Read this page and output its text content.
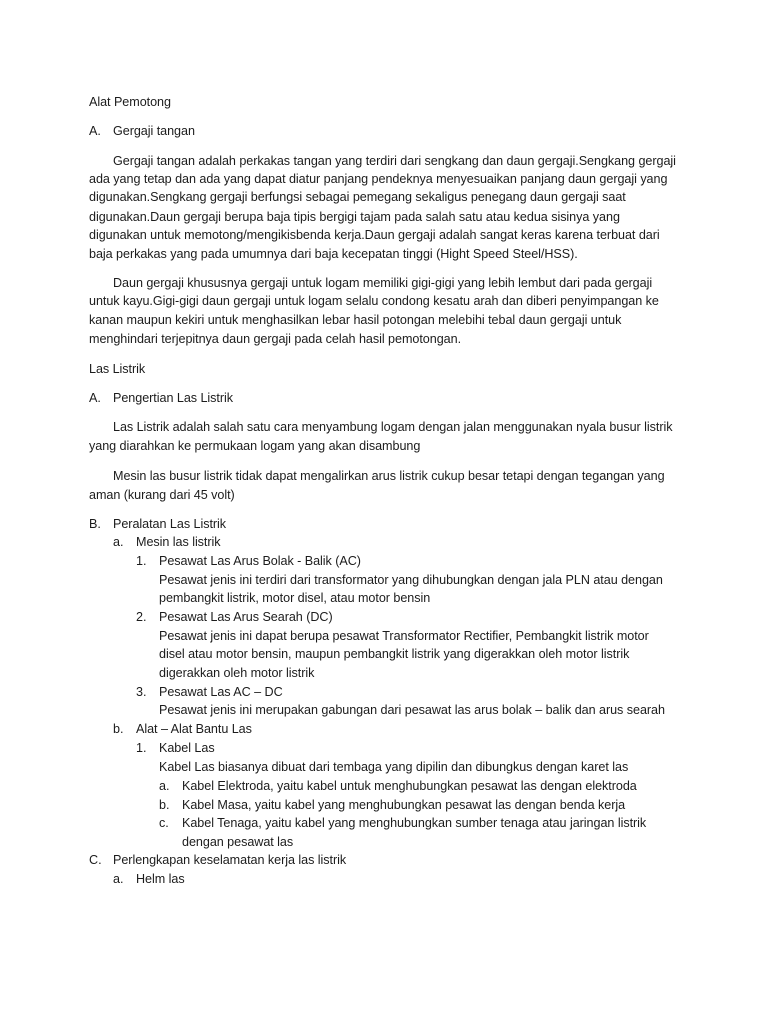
Alat Pemotong
A. Gergaji tangan
Gergaji tangan adalah perkakas tangan yang terdiri dari sengkang dan daun gergaji.Sengkang gergaji
ada yang tetap dan ada yang dapat diatur panjang pendeknya menyesuaikan panjang daun gergaji yang
digunakan.Sengkang gergaji berfungsi sebagai pemegang sekaligus penegang daun gergaji saat
digunakan.Daun gergaji berupa baja tipis bergigi tajam pada salah satu atau kedua sisinya yang
digunakan untuk memotong/mengikisbenda kerja.Daun gergaji adalah sangat keras karena terbuat dari
baja perkakas yang pada umumnya dari baja kecepatan tinggi (Hight Speed Steel/HSS).
Daun gergaji khususnya gergaji untuk logam memiliki gigi-gigi yang lebih lembut dari pada gergaji
untuk kayu.Gigi-gigi daun gergaji untuk logam selalu condong kesatu arah dan diberi penyimpangan ke
kanan maupun kekiri untuk menghasilkan lebar hasil potongan melebihi tebal daun gergaji untuk
menghindari terjepitnya daun gergaji pada celah hasil pemotongan.
Las Listrik
A. Pengertian Las Listrik
Las Listrik adalah salah satu cara menyambung logam dengan jalan menggunakan nyala busur listrik
yang diarahkan ke permukaan logam yang akan disambung
Mesin las busur listrik tidak dapat mengalirkan arus listrik cukup besar tetapi dengan tegangan yang
aman (kurang dari 45 volt)
B. Peralatan Las Listrik
a. Mesin las listrik
1. Pesawat Las Arus Bolak - Balik (AC)
Pesawat jenis ini terdiri dari transformator yang dihubungkan dengan jala PLN atau dengan
pembangkit listrik, motor disel, atau motor bensin
2. Pesawat Las Arus Searah (DC)
Pesawat jenis ini dapat berupa pesawat Transformator Rectifier, Pembangkit listrik motor
disel atau motor bensin, maupun pembangkit listrik yang digerakkan oleh motor listrik
digerakkan oleh motor listrik
3. Pesawat Las AC – DC
Pesawat jenis ini merupakan gabungan dari pesawat las arus bolak – balik dan arus searah
b. Alat – Alat Bantu Las
1. Kabel Las
Kabel Las biasanya dibuat dari tembaga yang dipilin dan dibungkus dengan karet las
a. Kabel Elektroda, yaitu kabel untuk menghubungkan pesawat las dengan elektroda
b. Kabel Masa, yaitu kabel yang menghubungkan pesawat las dengan benda kerja
c. Kabel Tenaga, yaitu kabel yang menghubungkan sumber tenaga atau jaringan listrik
dengan pesawat las
C. Perlengkapan keselamatan kerja las listrik
a. Helm las
